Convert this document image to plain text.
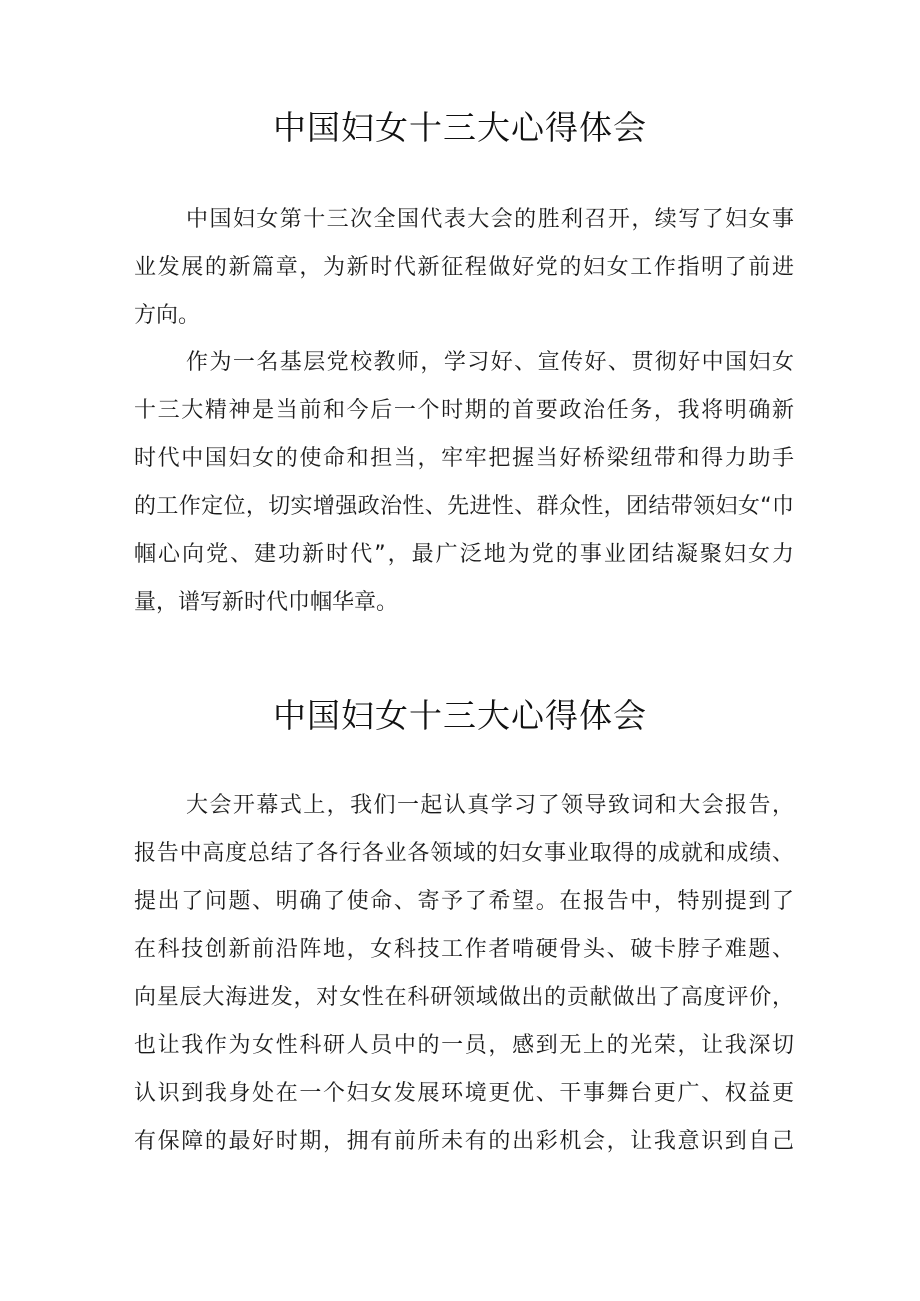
中国妇女十三大心得体会
中国妇女第十三次全国代表大会的胜利召开，续写了妇女事
业发展的新篇章，为新时代新征程做好党的妇女工作指明了前进
方向。
作为一名基层党校教师，学习好、宣传好、贯彻好中国妇女
十三大精神是当前和今后一个时期的首要政治任务，我将明确新
时代中国妇女的使命和担当，牢牢把握当好桥梁纽带和得力助手
的工作定位，切实增强政治性、先进性、群众性，团结带领妇女“巾
帼心向党、建功新时代”，最广泛地为党的事业团结凝聚妇女力
量，谱写新时代巾帼华章。
中国妇女十三大心得体会
大会开幕式上，我们一起认真学习了领导致词和大会报告，
报告中高度总结了各行各业各领域的妇女事业取得的成就和成绩、
提出了问题、明确了使命、寄予了希望。在报告中，特别提到了
在科技创新前沿阵地，女科技工作者啃硬骨头、破卡脖子难题、
向星辰大海进发，对女性在科研领域做出的贡献做出了高度评价，
也让我作为女性科研人员中的一员，感到无上的光荣，让我深切
认识到我身处在一个妇女发展环境更优、干事舞台更广、权益更
有保障的最好时期，拥有前所未有的出彩机会，让我意识到自己
